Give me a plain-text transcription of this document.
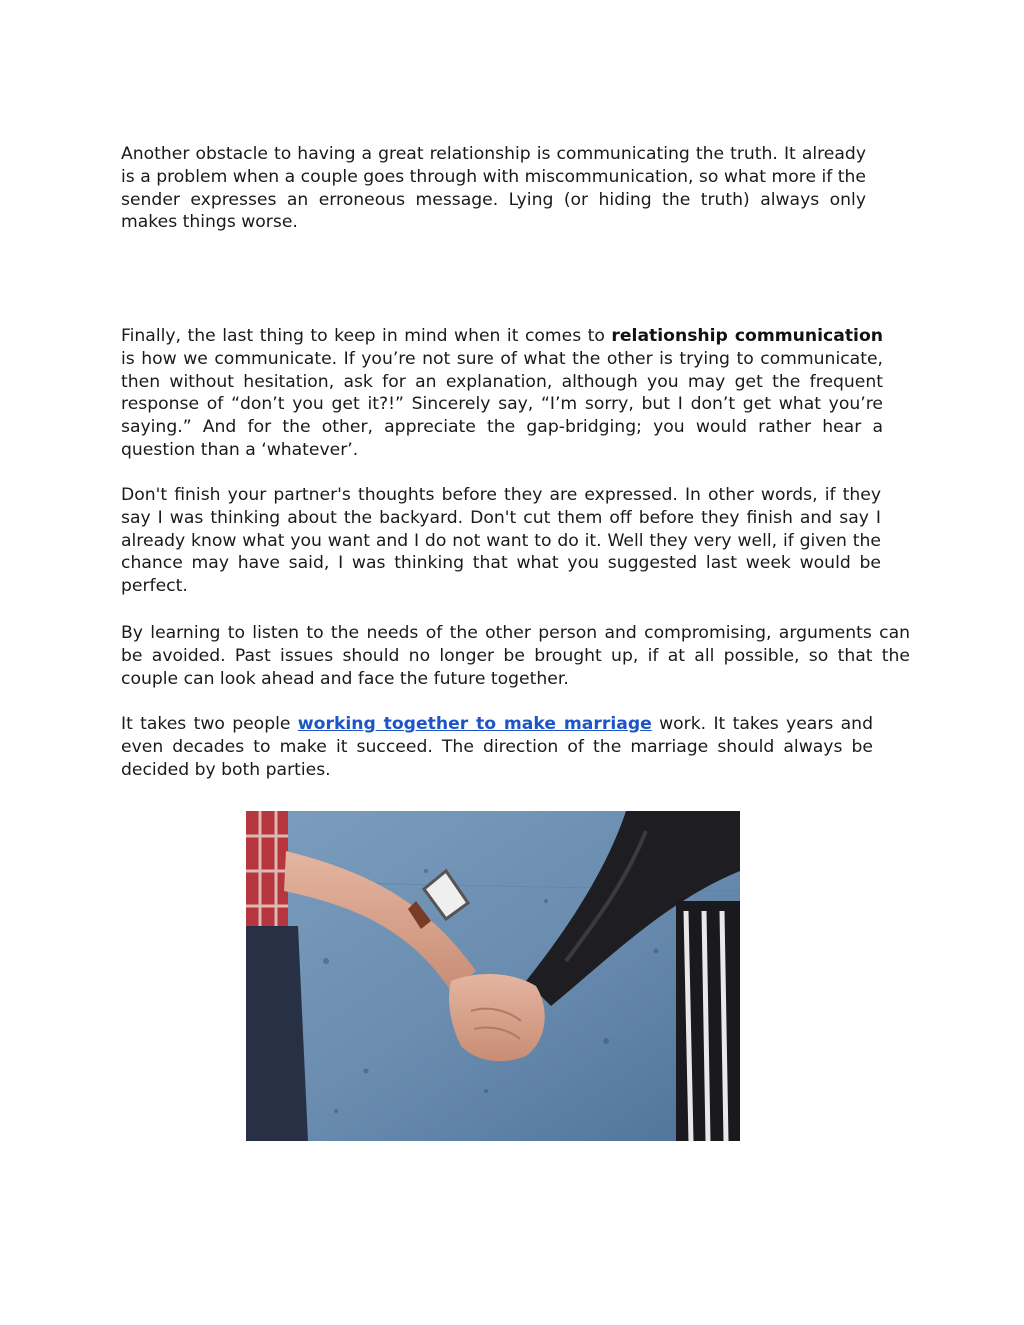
Another obstacle to having a great relationship is communicating the truth. It already is a problem when a couple goes through with miscommunication, so what more if the sender expresses an erroneous message. Lying (or hiding the truth) always only makes things worse.

Finally, the last thing to keep in mind when it comes to relationship communication is how we communicate. If you’re not sure of what the other is trying to communicate, then without hesitation, ask for an explanation, although you may get the frequent response of “don’t you get it?!” Sincerely say, “I’m sorry, but I don’t get what you’re saying.” And for the other, appreciate the gap-bridging; you would rather hear a question than a ‘whatever’.

Don't finish your partner's thoughts before they are expressed. In other words, if they say I was thinking about the backyard. Don't cut them off before they finish and say I already know what you want and I do not want to do it. Well they very well, if given the chance may have said, I was thinking that what you suggested last week would be perfect.

By learning to listen to the needs of the other person and compromising, arguments can be avoided. Past issues should no longer be brought up, if at all possible, so that the couple can look ahead and face the future together.

It takes two people working together to make marriage work. It takes years and even decades to make it succeed. The direction of the marriage should always be decided by both parties.
